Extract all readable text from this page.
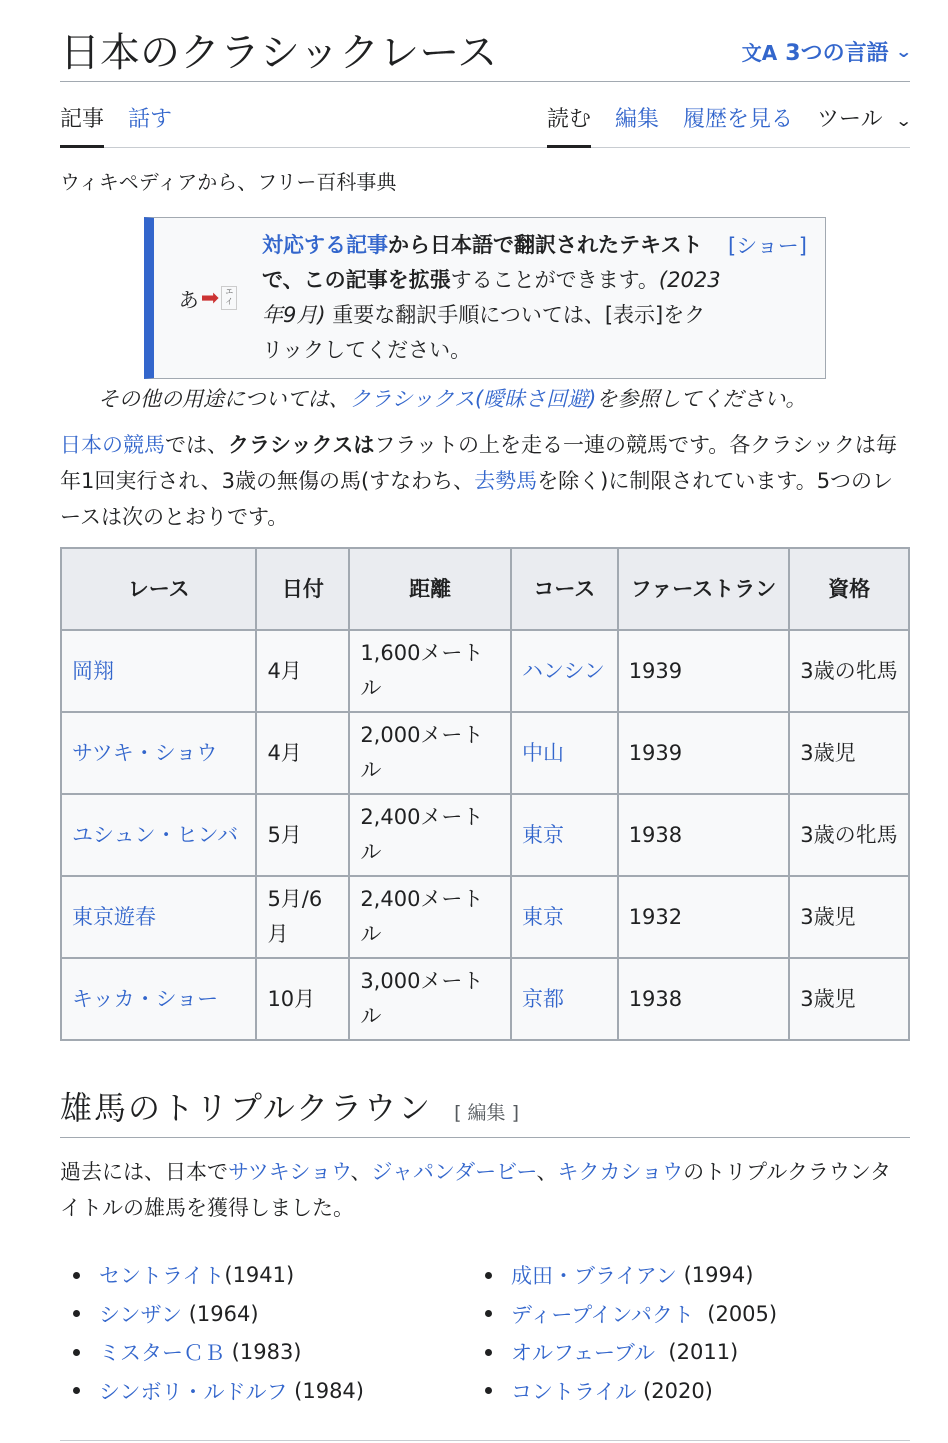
日本のクラシックレース	文A 3つの言語 ⌄
記事 話す	読む 編集 履歴を見る ツール ⌄
ウィキペディアから、フリー百科事典
あ ➡ エイ
対応する記事から日本語で翻訳されたテキストで、この記事を拡張することができます。(2023年9月) 重要な翻訳手順については、[表示]をクリックしてください。
[ショー]
その他の用途については、クラシックス(曖昧さ回避)を参照してください。

日本の競馬では、クラシックスはフラットの上を走る一連の競馬です。各クラシックは毎年1回実行され、3歳の無傷の馬(すなわち、去勢馬を除く)に制限されています。5つのレースは次のとおりです。

レース	日付	距離	コース	ファーストラン	資格
岡翔	4月	1,600メートル	ハンシン	1939	3歳の牝馬
サツキ・ショウ	4月	2,000メートル	中山	1939	3歳児
ユシュン・ヒンバ	5月	2,400メートル	東京	1938	3歳の牝馬
東京遊春	5月/6月	2,400メートル	東京	1932	3歳児
キッカ・ショー	10月	3,000メートル	京都	1938	3歳児
雄馬のトリプルクラウン [ 編集 ]

過去には、日本でサツキショウ、ジャパンダービー、キクカショウのトリプルクラウンタイトルの雄馬を獲得しました。

セントライト (1941)
シンザン (1964)
ミスターＣＢ (1983)
シンボリ・ルドルフ (1984)
成田・ブライアン (1994)
ディープインパクト (2005)
オルフェーブル (2011)
コントライル (2020)
